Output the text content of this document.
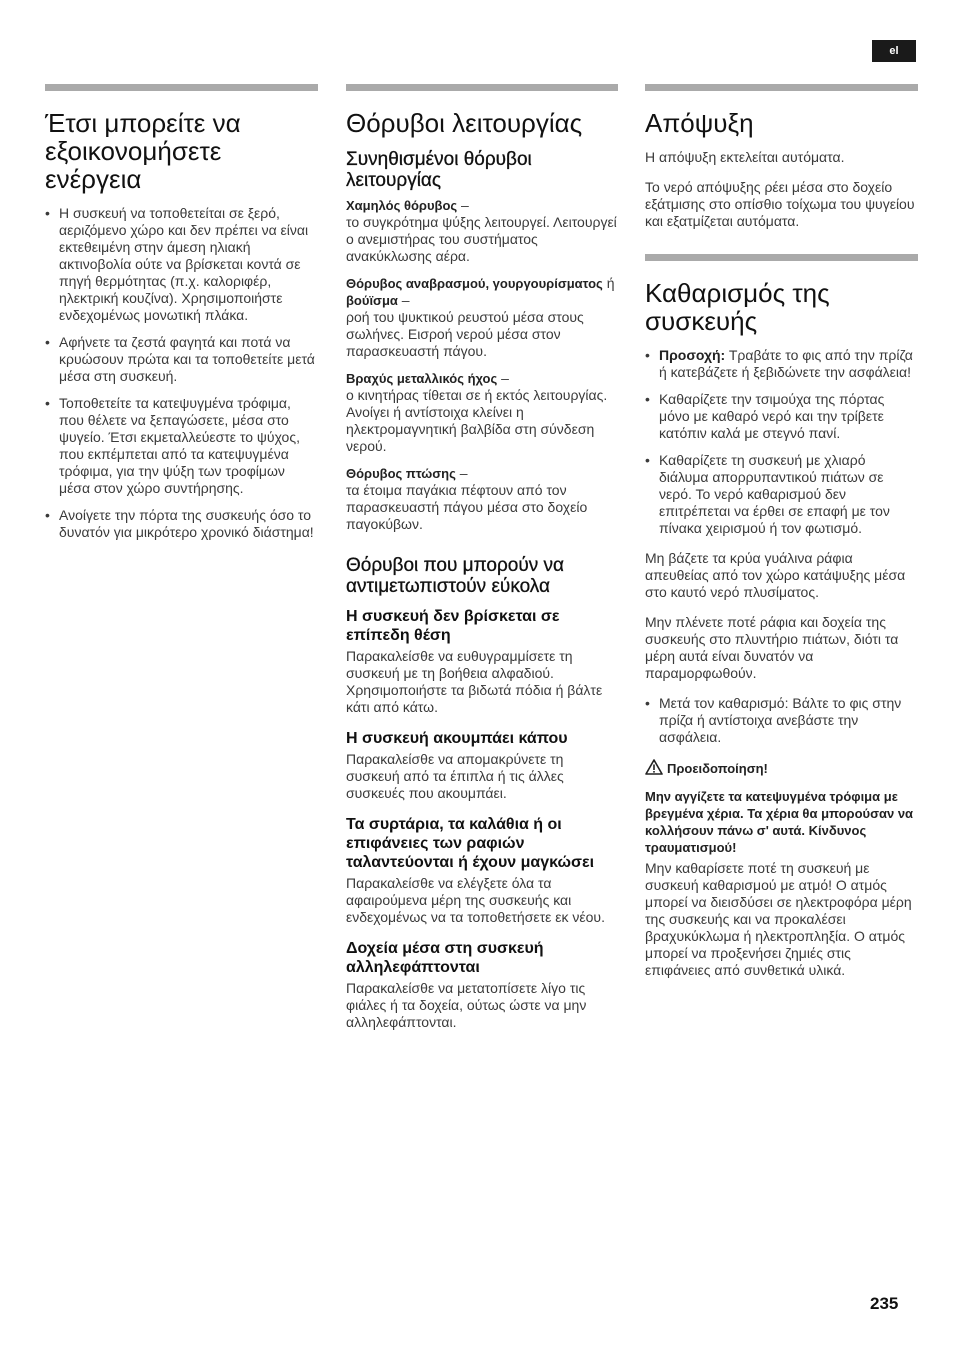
el
Έτσι μπορείτε να εξοικονομήσετε ενέργεια
• Η συσκευή να τοποθετείται σε ξερό, αεριζόμενο χώρο και δεν πρέπει να είναι εκτεθειμένη στην άμεση ηλιακή ακτινοβολία ούτε να βρίσκεται κοντά σε πηγή θερμότητας (π.χ. καλοριφέρ, ηλεκτρική κουζίνα). Χρησιμοποιήστε ενδεχομένως μονωτική πλάκα.
• Αφήνετε τα ζεστά φαγητά και ποτά να κρυώσουν πρώτα και τα τοποθετείτε μετά μέσα στη συσκευή.
• Τοποθετείτε τα κατεψυγμένα τρόφιμα, που θέλετε να ξεπαγώσετε, μέσα στο ψυγείο. Έτσι εκμεταλλεύεστε το ψύχος, που εκπέμπεται από τα κατεψυγμένα τρόφιμα, για την ψύξη των τροφίμων μέσα στον χώρο συντήρησης.
• Ανοίγετε την πόρτα της συσκευής όσο το δυνατόν για μικρότερο χρονικό διάστημα!
Θόρυβοι λειτουργίας
Συνηθισμένοι θόρυβοι λειτουργίας
Χαμηλός θόρυβος –
το συγκρότημα ψύξης λειτουργεί. Λειτουργεί ο ανεμιστήρας του συστήματος ανακύκλωσης αέρα.
Θόρυβος αναβρασμού, γουργουρίσματος ή βούϊσμα –
ροή του ψυκτικού ρευστού μέσα στους σωλήνες. Εισροή νερού μέσα στον παρασκευαστή πάγου.
Βραχύς μεταλλικός ήχος –
ο κινητήρας τίθεται σε ή εκτός λειτουργίας. Ανοίγει ή αντίστοιχα κλείνει η ηλεκτρομαγνητική βαλβίδα στη σύνδεση νερού.
Θόρυβος πτώσης –
τα έτοιμα παγάκια πέφτουν από τον παρασκευαστή πάγου μέσα στο δοχείο παγοκύβων.
Θόρυβοι που μπορούν να αντιμετωπιστούν εύκολα
Η συσκευή δεν βρίσκεται σε επίπεδη θέση

Παρακαλείσθε να ευθυγραμμίσετε τη συσκευή με τη βοήθεια αλφαδιού. Χρησιμοποιήστε τα βιδωτά πόδια ή βάλτε κάτι από κάτω.

Η συσκευή ακουμπάει κάπου

Παρακαλείσθε να απομακρύνετε τη συσκευή από τα έπιπλα ή τις άλλες συσκευές που ακουμπάει.

Τα συρτάρια, τα καλάθια ή οι επιφάνειες των ραφιών ταλαντεύονται ή έχουν μαγκώσει

Παρακαλείσθε να ελέγξετε όλα τα αφαιρούμενα μέρη της συσκευής και ενδεχομένως να τα τοποθετήσετε εκ νέου.

Δοχεία μέσα στη συσκευή αλληλεφάπτονται

Παρακαλείσθε να μετατοπίσετε λίγο τις φιάλες ή τα δοχεία, ούτως ώστε να μην αλληλεφάπτονται.

Απόψυξη

Η απόψυξη εκτελείται αυτόματα.

Το νερό απόψυξης ρέει μέσα στο δοχείο εξάτμισης στο οπίσθιο τοίχωμα του ψυγείου και εξατμίζεται αυτόματα.

Καθαρισμός της συσκευής
• Προσοχή: Τραβάτε το φις από την πρίζα ή κατεβάζετε ή ξεβιδώνετε την ασφάλεια!
• Καθαρίζετε την τσιμούχα της πόρτας μόνο με καθαρό νερό και την τρίβετε κατόπιν καλά με στεγνό πανί.
• Καθαρίζετε τη συσκευή με χλιαρό διάλυμα απορρυπαντικού πιάτων σε νερό. Το νερό καθαρισμού δεν επιτρέπεται να έρθει σε επαφή με τον πίνακα χειρισμού ή τον φωτισμό.

Μη βάζετε τα κρύα γυάλινα ράφια απευθείας από τον χώρο κατάψυξης μέσα στο καυτό νερό πλυσίματος.

Μην πλένετε ποτέ ράφια και δοχεία της συσκευής στο πλυντήριο πιάτων, διότι τα μέρη αυτά είναι δυνατόν να παραμορφωθούν.

• Μετά τον καθαρισμό: Βάλτε το φις στην πρίζα ή αντίστοιχα ανεβάστε την ασφάλεια.
Προειδοποίηση!
Μην αγγίζετε τα κατεψυγμένα τρόφιμα με βρεγμένα χέρια. Τα χέρια θα μπορούσαν να κολλήσουν πάνω σ' αυτά. Κίνδυνος τραυματισμού!

Μην καθαρίσετε ποτέ τη συσκευή με συσκευή καθαρισμού με ατμό! Ο ατμός μπορεί να διεισδύσει σε ηλεκτροφόρα μέρη της συσκευής και να προκαλέσει βραχυκύκλωμα ή ηλεκτροπληξία. Ο ατμός μπορεί να προξενήσει ζημιές στις επιφάνειες από συνθετικά υλικά.

235
